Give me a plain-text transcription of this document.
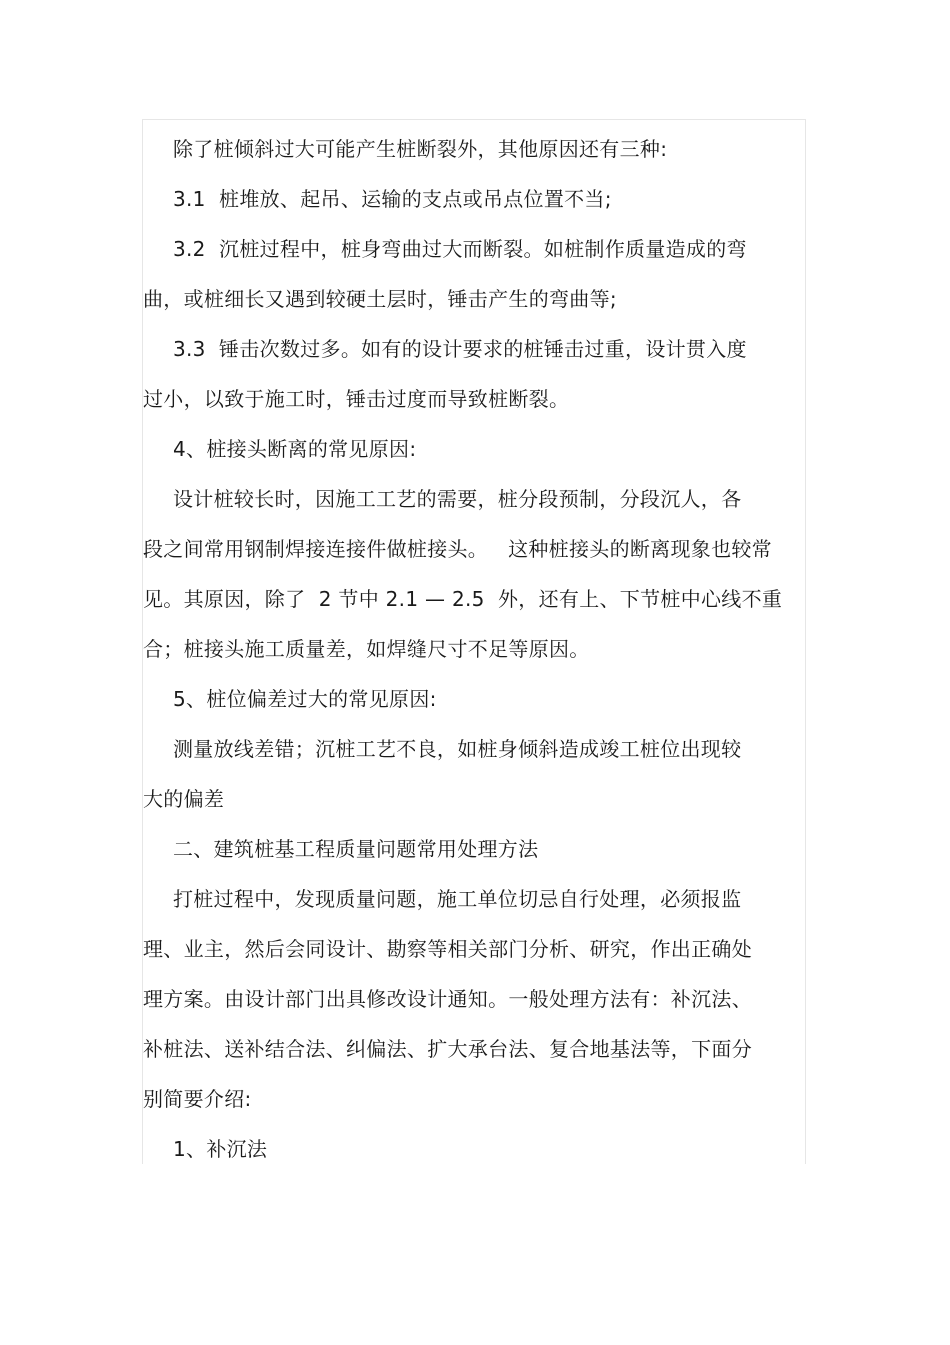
除了桩倾斜过大可能产生桩断裂外，其他原因还有三种:

3.1  桩堆放、起吊、运输的支点或吊点位置不当;

3.2  沉桩过程中，桩身弯曲过大而断裂。如桩制作质量造成的弯

曲，或桩细长又遇到较硬土层时，锤击产生的弯曲等;

3.3  锤击次数过多。如有的设计要求的桩锤击过重，设计贯入度

过小，以致于施工时，锤击过度而导致桩断裂。

4、桩接头断离的常见原因:

设计桩较长时，因施工工艺的需要，桩分段预制，分段沉人，各

段之间常用钢制焊接连接件做桩接头。   这种桩接头的断离现象也较常

见。其原因，除了  2 节中 2.1 — 2.5  外，还有上、下节桩中心线不重

合；桩接头施工质量差，如焊缝尺寸不足等原因。

5、桩位偏差过大的常见原因:

测量放线差错；沉桩工艺不良，如桩身倾斜造成竣工桩位出现较

大的偏差

二、建筑桩基工程质量问题常用处理方法

打桩过程中，发现质量问题，施工单位切忌自行处理，必须报监

理、业主，然后会同设计、勘察等相关部门分析、研究，作出正确处

理方案。由设计部门出具修改设计通知。一般处理方法有：补沉法、

补桩法、送补结合法、纠偏法、扩大承台法、复合地基法等，下面分

别简要介绍:

1、补沉法
